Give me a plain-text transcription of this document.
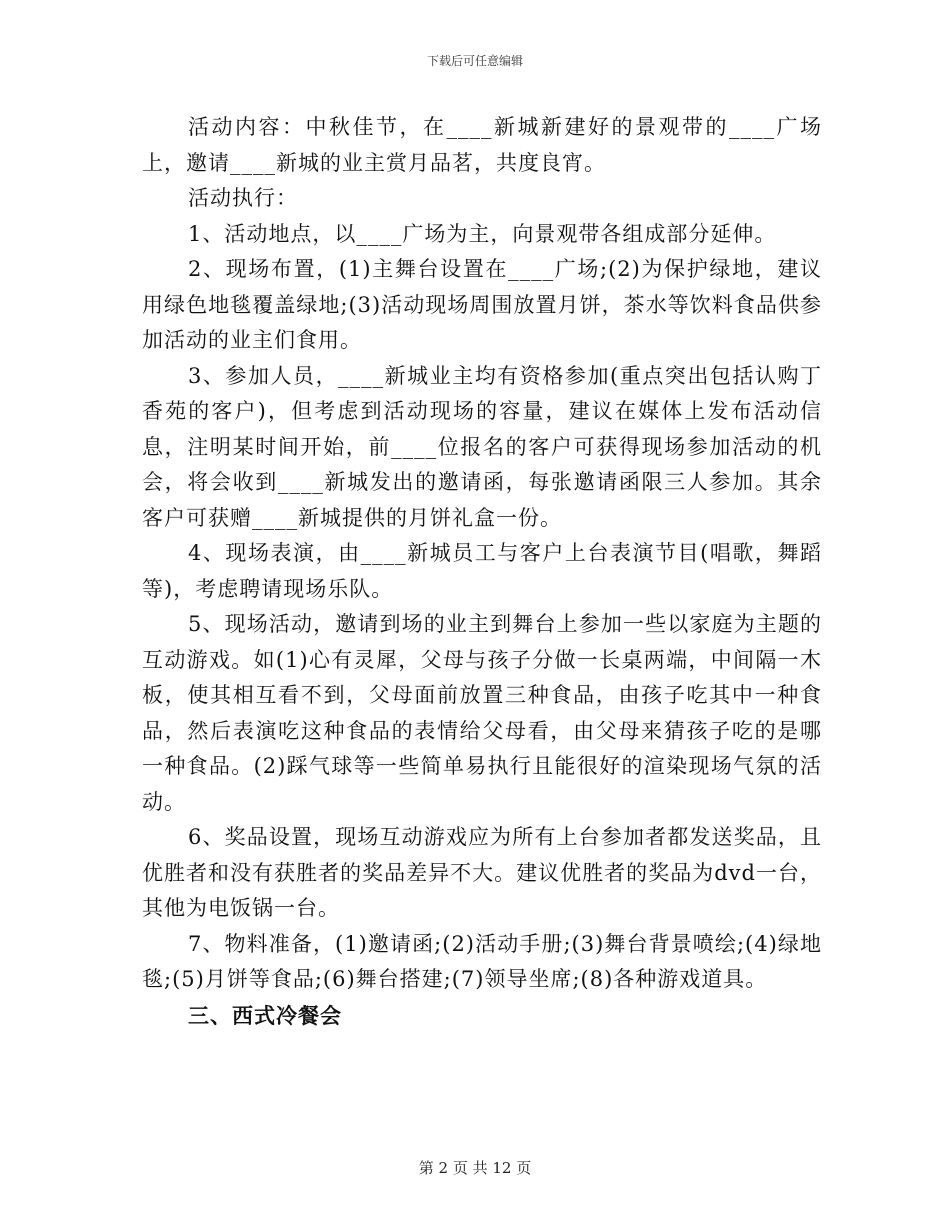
下载后可任意编辑

活动内容：中秋佳节，在____新城新建好的景观带的____广场上，邀请____新城的业主赏月品茗，共度良宵。

活动执行：

1、活动地点，以____广场为主，向景观带各组成部分延伸。

2、现场布置，(1)主舞台设置在____广场;(2)为保护绿地，建议用绿色地毯覆盖绿地;(3)活动现场周围放置月饼，茶水等饮料食品供参加活动的业主们食用。

3、参加人员，____新城业主均有资格参加(重点突出包括认购丁香苑的客户)，但考虑到活动现场的容量，建议在媒体上发布活动信息，注明某时间开始，前____位报名的客户可获得现场参加活动的机会，将会收到____新城发出的邀请函，每张邀请函限三人参加。其余客户可获赠____新城提供的月饼礼盒一份。

4、现场表演，由____新城员工与客户上台表演节目(唱歌，舞蹈等)，考虑聘请现场乐队。

5、现场活动，邀请到场的业主到舞台上参加一些以家庭为主题的互动游戏。如(1)心有灵犀，父母与孩子分做一长桌两端，中间隔一木板，使其相互看不到，父母面前放置三种食品，由孩子吃其中一种食品，然后表演吃这种食品的表情给父母看，由父母来猜孩子吃的是哪一种食品。(2)踩气球等一些简单易执行且能很好的渲染现场气氛的活动。

6、奖品设置，现场互动游戏应为所有上台参加者都发送奖品，且优胜者和没有获胜者的奖品差异不大。建议优胜者的奖品为dvd一台，其他为电饭锅一台。

7、物料准备，(1)邀请函;(2)活动手册;(3)舞台背景喷绘;(4)绿地毯;(5)月饼等食品;(6)舞台搭建;(7)领导坐席;(8)各种游戏道具。

三、西式冷餐会

第 2 页 共 12 页
